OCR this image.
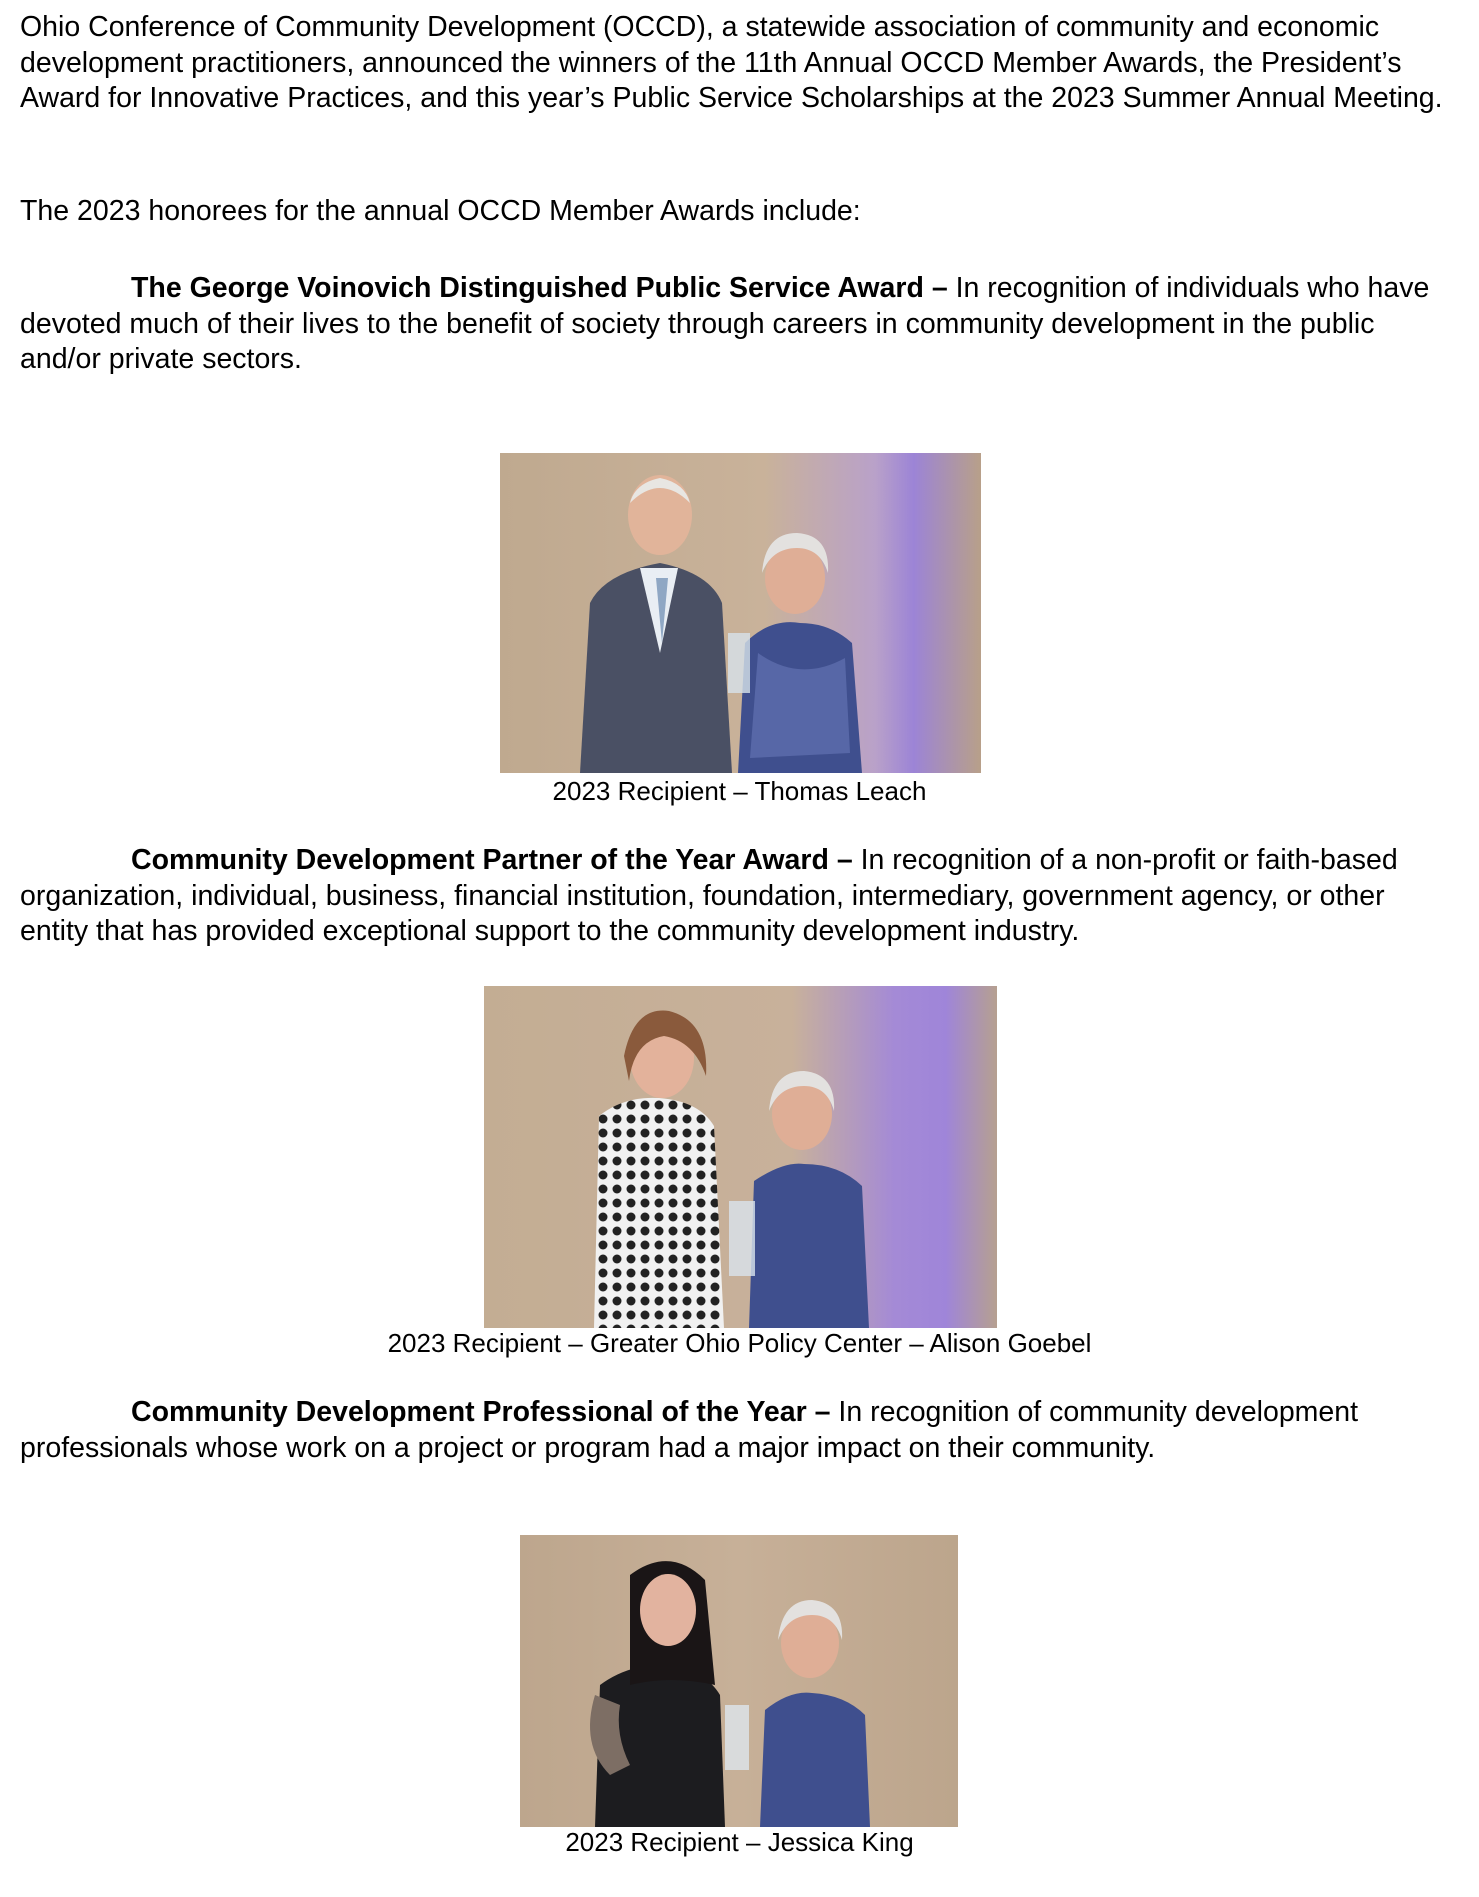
Ohio Conference of Community Development (OCCD), a statewide association of community and economic development practitioners, announced the winners of the 11th Annual OCCD Member Awards, the President’s Award for Innovative Practices, and this year’s Public Service Scholarships at the 2023 Summer Annual Meeting.

The 2023 honorees for the annual OCCD Member Awards include:

The George Voinovich Distinguished Public Service Award – In recognition of individuals who have devoted much of their lives to the benefit of society through careers in community development in the public and/or private sectors.

2023 Recipient – Thomas Leach

Community Development Partner of the Year Award – In recognition of a non-profit or faith-based organization, individual, business, financial institution, foundation, intermediary, government agency, or other entity that has provided exceptional support to the community development industry.

2023 Recipient – Greater Ohio Policy Center – Alison Goebel

Community Development Professional of the Year – In recognition of community development professionals whose work on a project or program had a major impact on their community.

2023 Recipient – Jessica King
